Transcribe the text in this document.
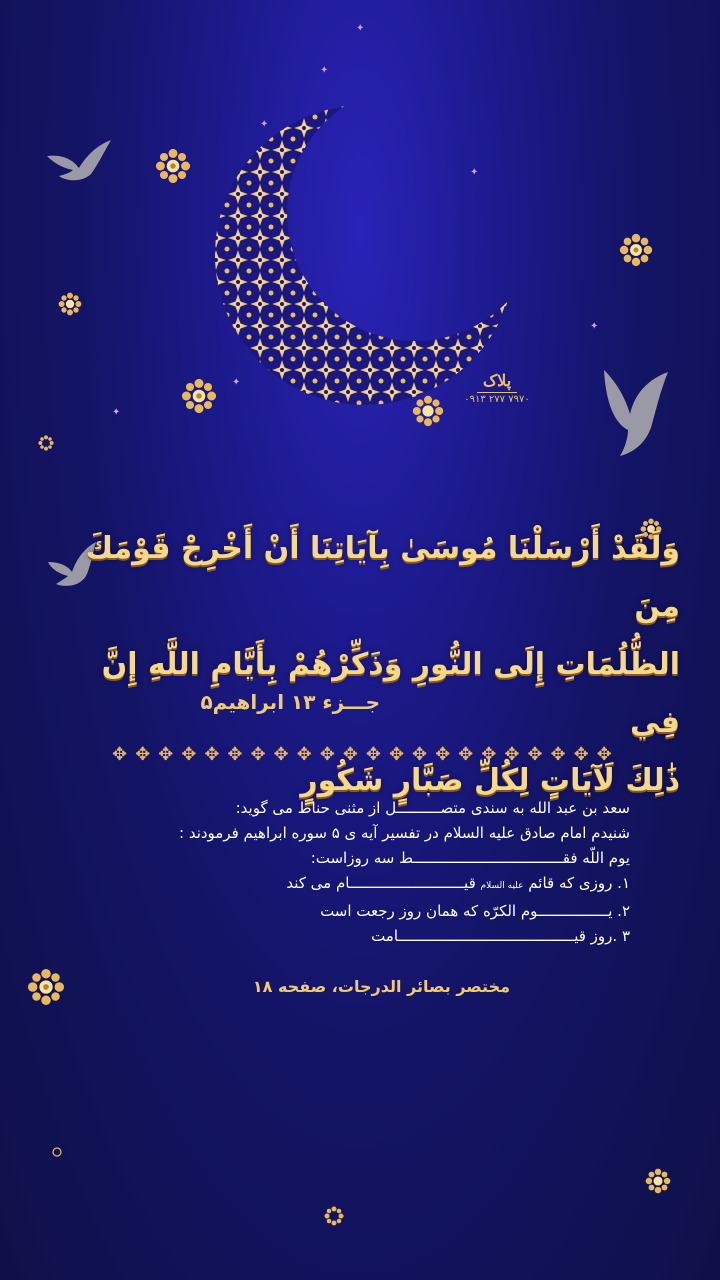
پلاک
۰۹۱۳ ۲۷۷ ۷۹۷۰
✦
✦
✦
✦
✦
✦
✦
وَلَقَدْ أَرْسَلْنَا مُوسَىٰ بِآيَاتِنَا أَنْ أَخْرِجْ قَوْمَكَ مِنَ
الظُّلُمَاتِ إِلَى النُّورِ وَذَكِّرْهُمْ بِأَيَّامِ اللَّهِ إِنَّ فِي
ذَٰلِكَ لَآيَاتٍ لِكُلِّ صَبَّارٍ شَكُورٍ
جـــزء ۱۳ ابراهیم۵
✥ ✥ ✥ ✥ ✥ ✥ ✥ ✥ ✥ ✥ ✥ ✥ ✥ ✥ ✥ ✥ ✥ ✥ ✥ ✥ ✥ ✥
سعد بن عبد الله به سندی متصــــــــــل از مثنی حناط می گوید:
شنیدم امام صادق علیه السلام در تفسیر آیه ی ۵ سوره ابراهیم فرمودند :
یوم اللّه فقــــــــــــــــــــــــــــــــــط سه روزاست:
۱. روزی که قائم علیه السلام قیــــــــــــــــــــــــــام می کند
۲. یــــــــــــــــوم الکرّه که همان روز رجعت است
۳ .روز قیــــــــــــــــــــــــــــــــــــــــامت
مختصر بصائر الدرجات، صفحه ۱۸
